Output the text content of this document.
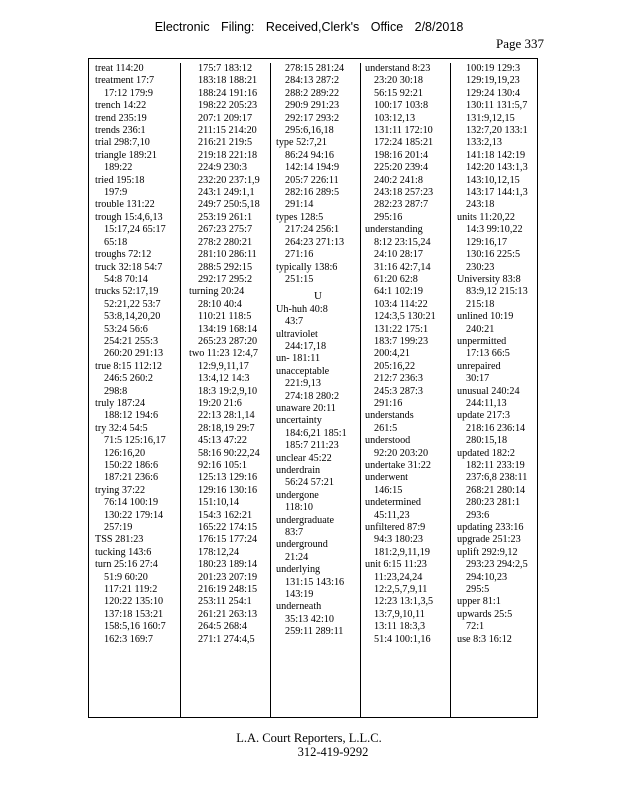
Electronic Filing: Received,Clerk's Office 2/8/2018
Page 337
treat 114:20
treatment 17:7
17:12 179:9
trench 14:22
trend 235:19
trends 236:1
trial 298:7,10
triangle 189:21
189:22
tried 195:18
197:9
trouble 131:22
trough 15:4,6,13
15:17,24 65:17
65:18
troughs 72:12
truck 32:18 54:7
54:8 70:14
trucks 52:17,19
52:21,22 53:7
53:8,14,20,20
53:24 56:6
254:21 255:3
260:20 291:13
true 8:15 112:12
246:5 260:2
298:8
truly 187:24
188:12 194:6
try 32:4 54:5
71:5 125:16,17
126:16,20
150:22 186:6
187:21 236:6
trying 37:22
76:14 100:19
130:22 179:14
257:19
TSS 281:23
tucking 143:6
turn 25:16 27:4
51:9 60:20
117:21 119:2
120:22 135:10
137:18 153:21
158:5,16 160:7
162:3 169:7
175:7 183:12
183:18 188:21
188:24 191:16
198:22 205:23
207:1 209:17
211:15 214:20
216:21 219:5
219:18 221:18
224:9 230:3
232:20 237:1,9
243:1 249:1,1
249:7 250:5,18
253:19 261:1
267:23 275:7
278:2 280:21
281:10 286:11
288:5 292:15
292:17 295:2
turning 20:24
28:10 40:4
110:21 118:5
134:19 168:14
265:23 287:20
two 11:23 12:4,7
12:9,9,11,17
13:4,12 14:3
18:3 19:2,9,10
19:20 21:6
22:13 28:1,14
28:18,19 29:7
45:13 47:22
58:16 90:22,24
92:16 105:1
125:13 129:16
129:16 130:16
151:10,14
154:3 162:21
165:22 174:15
176:15 177:24
178:12,24
180:23 189:14
201:23 207:19
216:19 248:15
253:11 254:1
261:21 263:13
264:5 268:4
271:1 274:4,5
278:15 281:24
284:13 287:2
288:2 289:22
290:9 291:23
292:17 293:2
295:6,16,18
type 52:7,21
86:24 94:16
142:14 194:9
205:7 226:11
282:16 289:5
291:14
types 128:5
217:24 256:1
264:23 271:13
271:16
typically 138:6
251:15
U
Uh-huh 40:8
43:7
ultraviolet
244:17,18
un- 181:11
unacceptable
221:9,13
274:18 280:2
unaware 20:11
uncertainty
184:6,21 185:1
185:7 211:23
unclear 45:22
underdrain
56:24 57:21
undergone
118:10
undergraduate
83:7
underground
21:24
underlying
131:15 143:16
143:19
underneath
35:13 42:10
259:11 289:11
understand 8:23
23:20 30:18
56:15 92:21
100:17 103:8
103:12,13
131:11 172:10
172:24 185:21
198:16 201:4
225:20 239:4
240:2 241:8
243:18 257:23
282:23 287:7
295:16
understanding
8:12 23:15,24
24:10 28:17
31:16 42:7,14
61:20 62:8
64:1 102:19
103:4 114:22
124:3,5 130:21
131:22 175:1
183:7 199:23
200:4,21
205:16,22
212:7 236:3
245:3 287:3
291:16
understands
261:5
understood
92:20 203:20
undertake 31:22
underwent
146:15
undetermined
45:11,23
unfiltered 87:9
94:3 180:23
181:2,9,11,19
unit 6:15 11:23
11:23,24,24
12:2,5,7,9,11
12:23 13:1,3,5
13:7,9,10,11
13:11 18:3,3
51:4 100:1,16
100:19 129:3
129:19,19,23
129:24 130:4
130:11 131:5,7
131:9,12,15
132:7,20 133:1
133:2,13
141:18 142:19
142:20 143:1,3
143:10,12,15
143:17 144:1,3
243:18
units 11:20,22
14:3 99:10,22
129:16,17
130:16 225:5
230:23
University 83:8
83:9,12 215:13
215:18
unlined 10:19
240:21
unpermitted
17:13 66:5
unrepaired
30:17
unusual 240:24
244:11,13
update 217:3
218:16 236:14
280:15,18
updated 182:2
182:11 233:19
237:6,8 238:11
268:21 280:14
280:23 281:1
293:6
updating 233:16
upgrade 251:23
uplift 292:9,12
293:23 294:2,5
294:10,23
295:5
upper 81:1
upwards 25:5
72:1
use 8:3 16:12
L.A. Court Reporters, L.L.C.
312-419-9292
